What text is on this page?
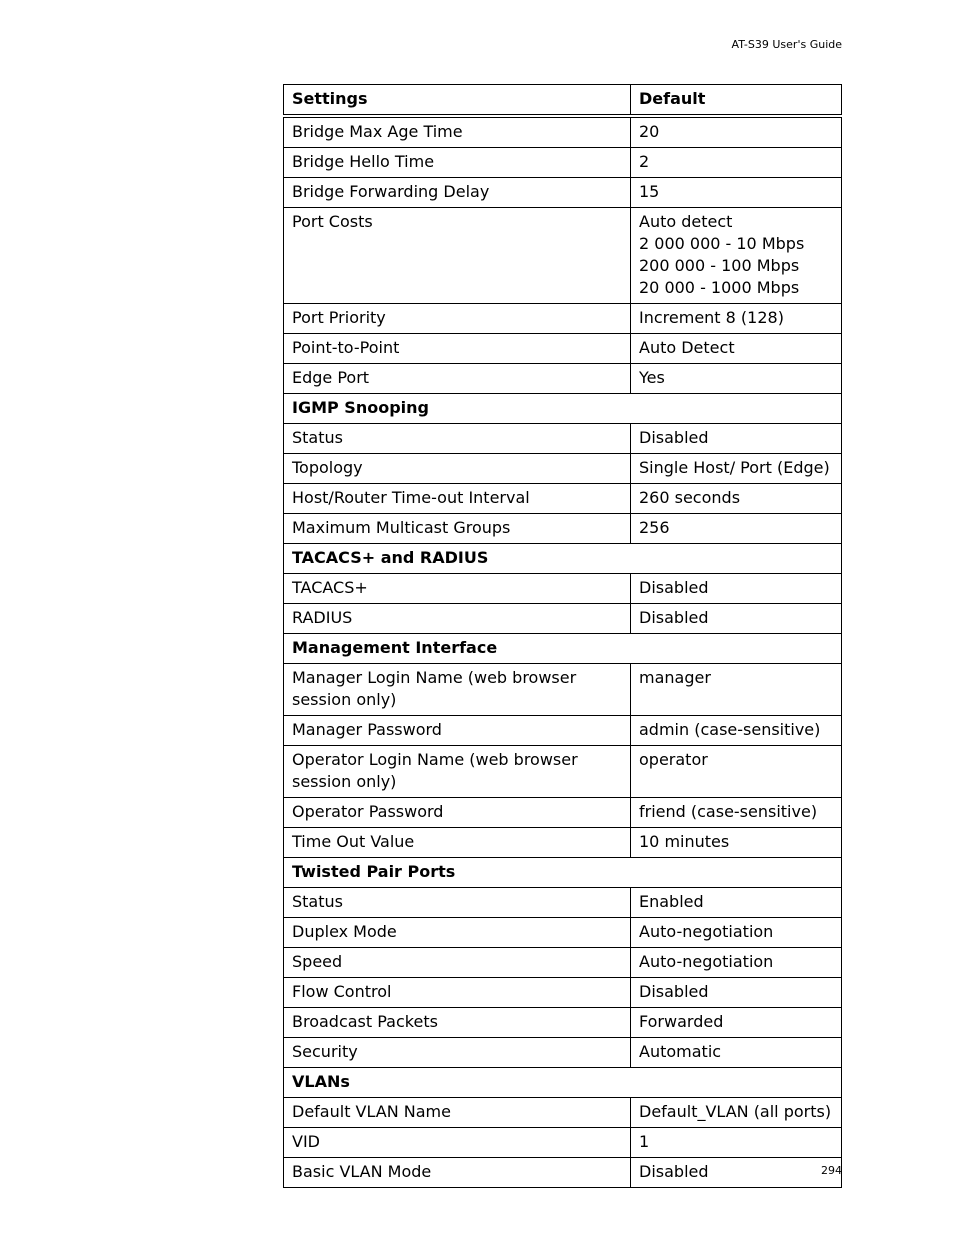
AT-S39 User's Guide
Settings	Default
Bridge Max Age Time	20
Bridge Hello Time	2
Bridge Forwarding Delay	15
Port Costs	Auto detect
2 000 000 - 10 Mbps
200 000 - 100 Mbps
20 000 - 1000 Mbps

Port Priority	Increment 8 (128)
Point-to-Point	Auto Detect
Edge Port	Yes
IGMP Snooping	
Status	Disabled
Topology	Single Host/ Port (Edge)
Host/Router Time-out Interval	260 seconds
Maximum Multicast Groups	256
TACACS+ and RADIUS	
TACACS+	Disabled
RADIUS	Disabled
Management Interface	
Manager Login Name (web browser session only)	manager
Manager Password	admin (case-sensitive)
Operator Login Name (web browser session only)	operator
Operator Password	friend (case-sensitive)
Time Out Value	10 minutes
Twisted Pair Ports	
Status	Enabled
Duplex Mode	Auto-negotiation
Speed	Auto-negotiation
Flow Control	Disabled
Broadcast Packets	Forwarded
Security	Automatic
VLANs	
Default VLAN Name	Default_VLAN (all ports)
VID	1
Basic VLAN Mode	Disabled	294
